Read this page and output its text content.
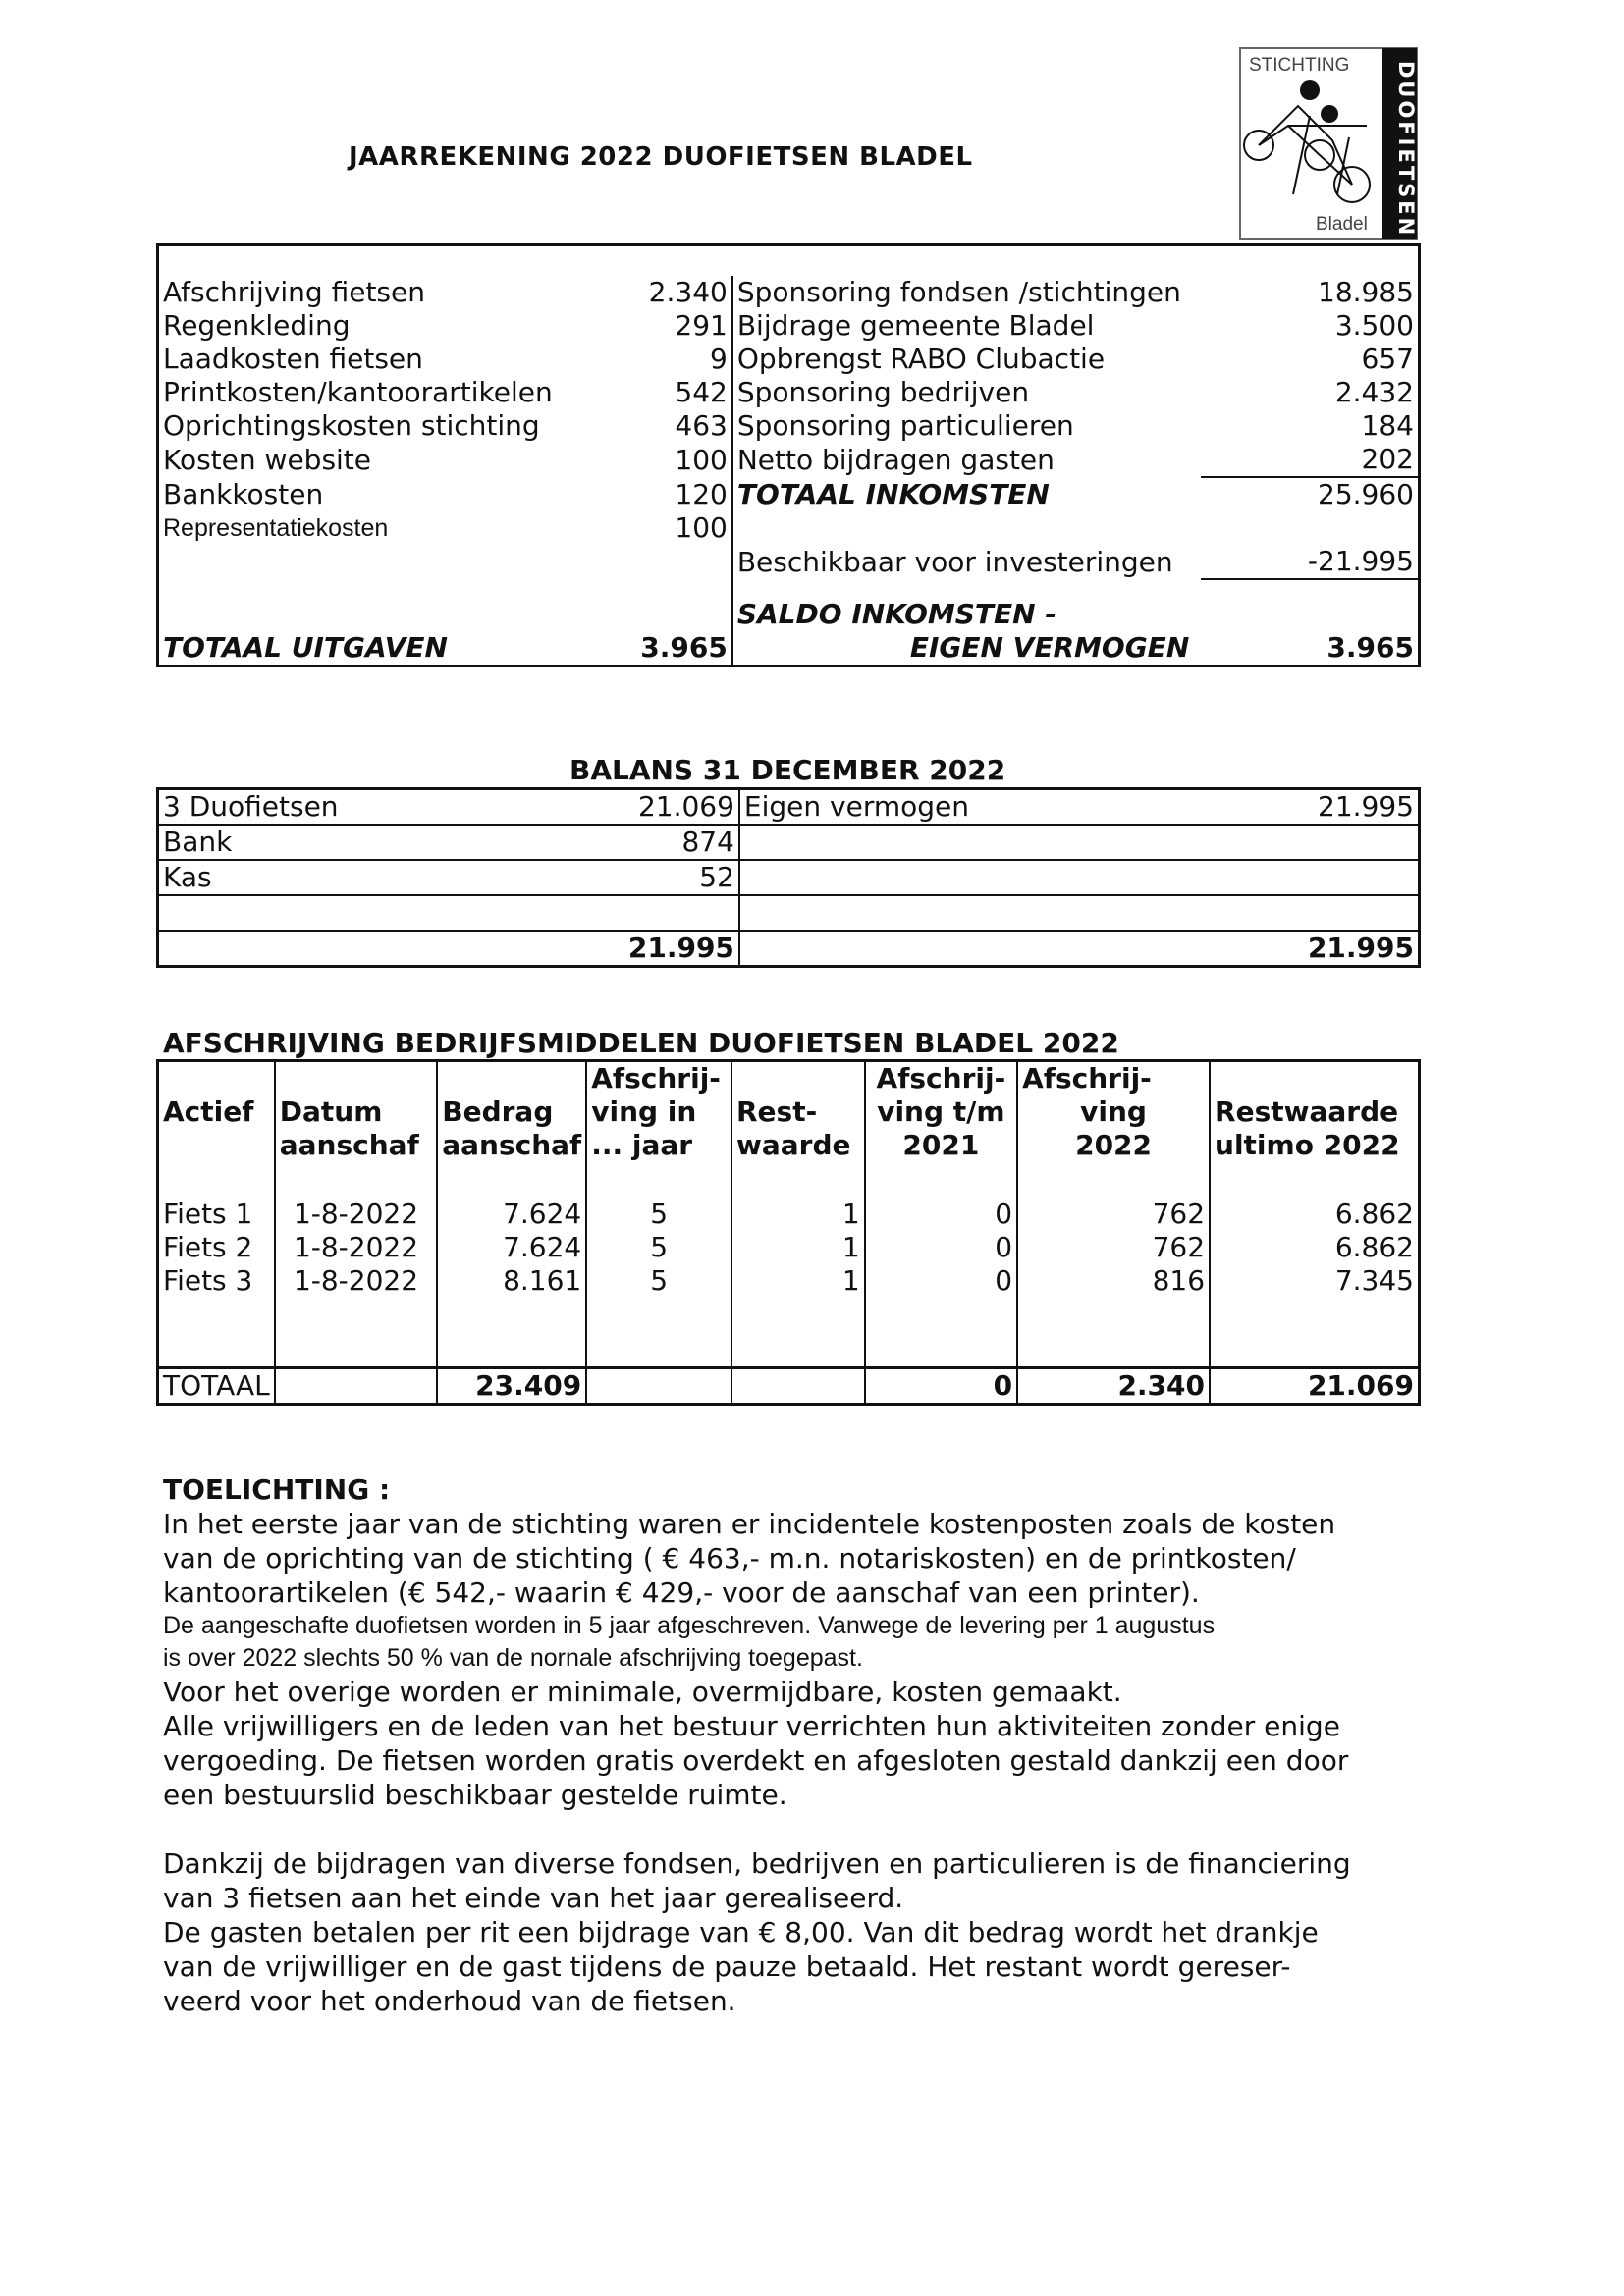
JAARREKENING 2022 DUOFIETSEN BLADEL
STICHTING
Bladel DUOFIETSEN

Afschrijving fietsen	2.340	Sponsoring fondsen /stichtingen	18.985
Regenkleding	291	Bijdrage gemeente Bladel	3.500
Laadkosten fietsen	9	Opbrengst RABO Clubactie	657
Printkosten/kantoorartikelen	542	Sponsoring bedrijven	2.432
Oprichtingskosten stichting	463	Sponsoring particulieren	184
Kosten website	100	Netto bijdragen gasten	202
Bankkosten	120	TOTAAL INKOMSTEN	25.960
Representatiekosten	100		
		Beschikbaar voor investeringen	-21.995

		SALDO INKOMSTEN -	
TOTAAL UITGAVEN	3.965	EIGEN VERMOGEN	3.965
BALANS 31 DECEMBER 2022
3 Duofietsen	21.069	Eigen vermogen	21.995
Bank	874		
Kas	52		

	21.995		21.995
AFSCHRIJVING BEDRIJFSMIDDELEN DUOFIETSEN BLADEL 2022
			Afschrij-		Afschrij-	Afschrij-	
Actief	Datum	Bedrag	ving in	Rest-	ving t/m	ving	Restwaarde
	aanschaf	aanschaf	... jaar	waarde	2021	2022	ultimo 2022

Fiets 1	1-8-2022	7.624	5	1	0	762	6.862
Fiets 2	1-8-2022	7.624	5	1	0	762	6.862
Fiets 3	1-8-2022	8.161	5	1	0	816	7.345

TOTAAL		23.409			0	2.340	21.069

TOELICHTING :

In het eerste jaar van de stichting waren er incidentele kostenposten zoals de kosten

van de oprichting van de stichting ( € 463,- m.n. notariskosten) en de printkosten/

kantoorartikelen (€ 542,- waarin € 429,- voor de aanschaf van een printer).

De aangeschafte duofietsen worden in 5 jaar afgeschreven. Vanwege de levering per 1 augustus

is over 2022 slechts 50 % van de nornale afschrijving toegepast.

Voor het overige worden er minimale, overmijdbare, kosten gemaakt.

Alle vrijwilligers en de leden van het bestuur verrichten hun aktiviteiten zonder enige

vergoeding. De fietsen worden gratis overdekt en afgesloten gestald dankzij een door

een bestuurslid beschikbaar gestelde ruimte.

Dankzij de bijdragen van diverse fondsen, bedrijven en particulieren is de financiering

van 3 fietsen aan het einde van het jaar gerealiseerd.

De gasten betalen per rit een bijdrage van € 8,00. Van dit bedrag wordt het drankje

van de vrijwilliger en de gast tijdens de pauze betaald. Het restant wordt gereser-

veerd voor het onderhoud van de fietsen.
